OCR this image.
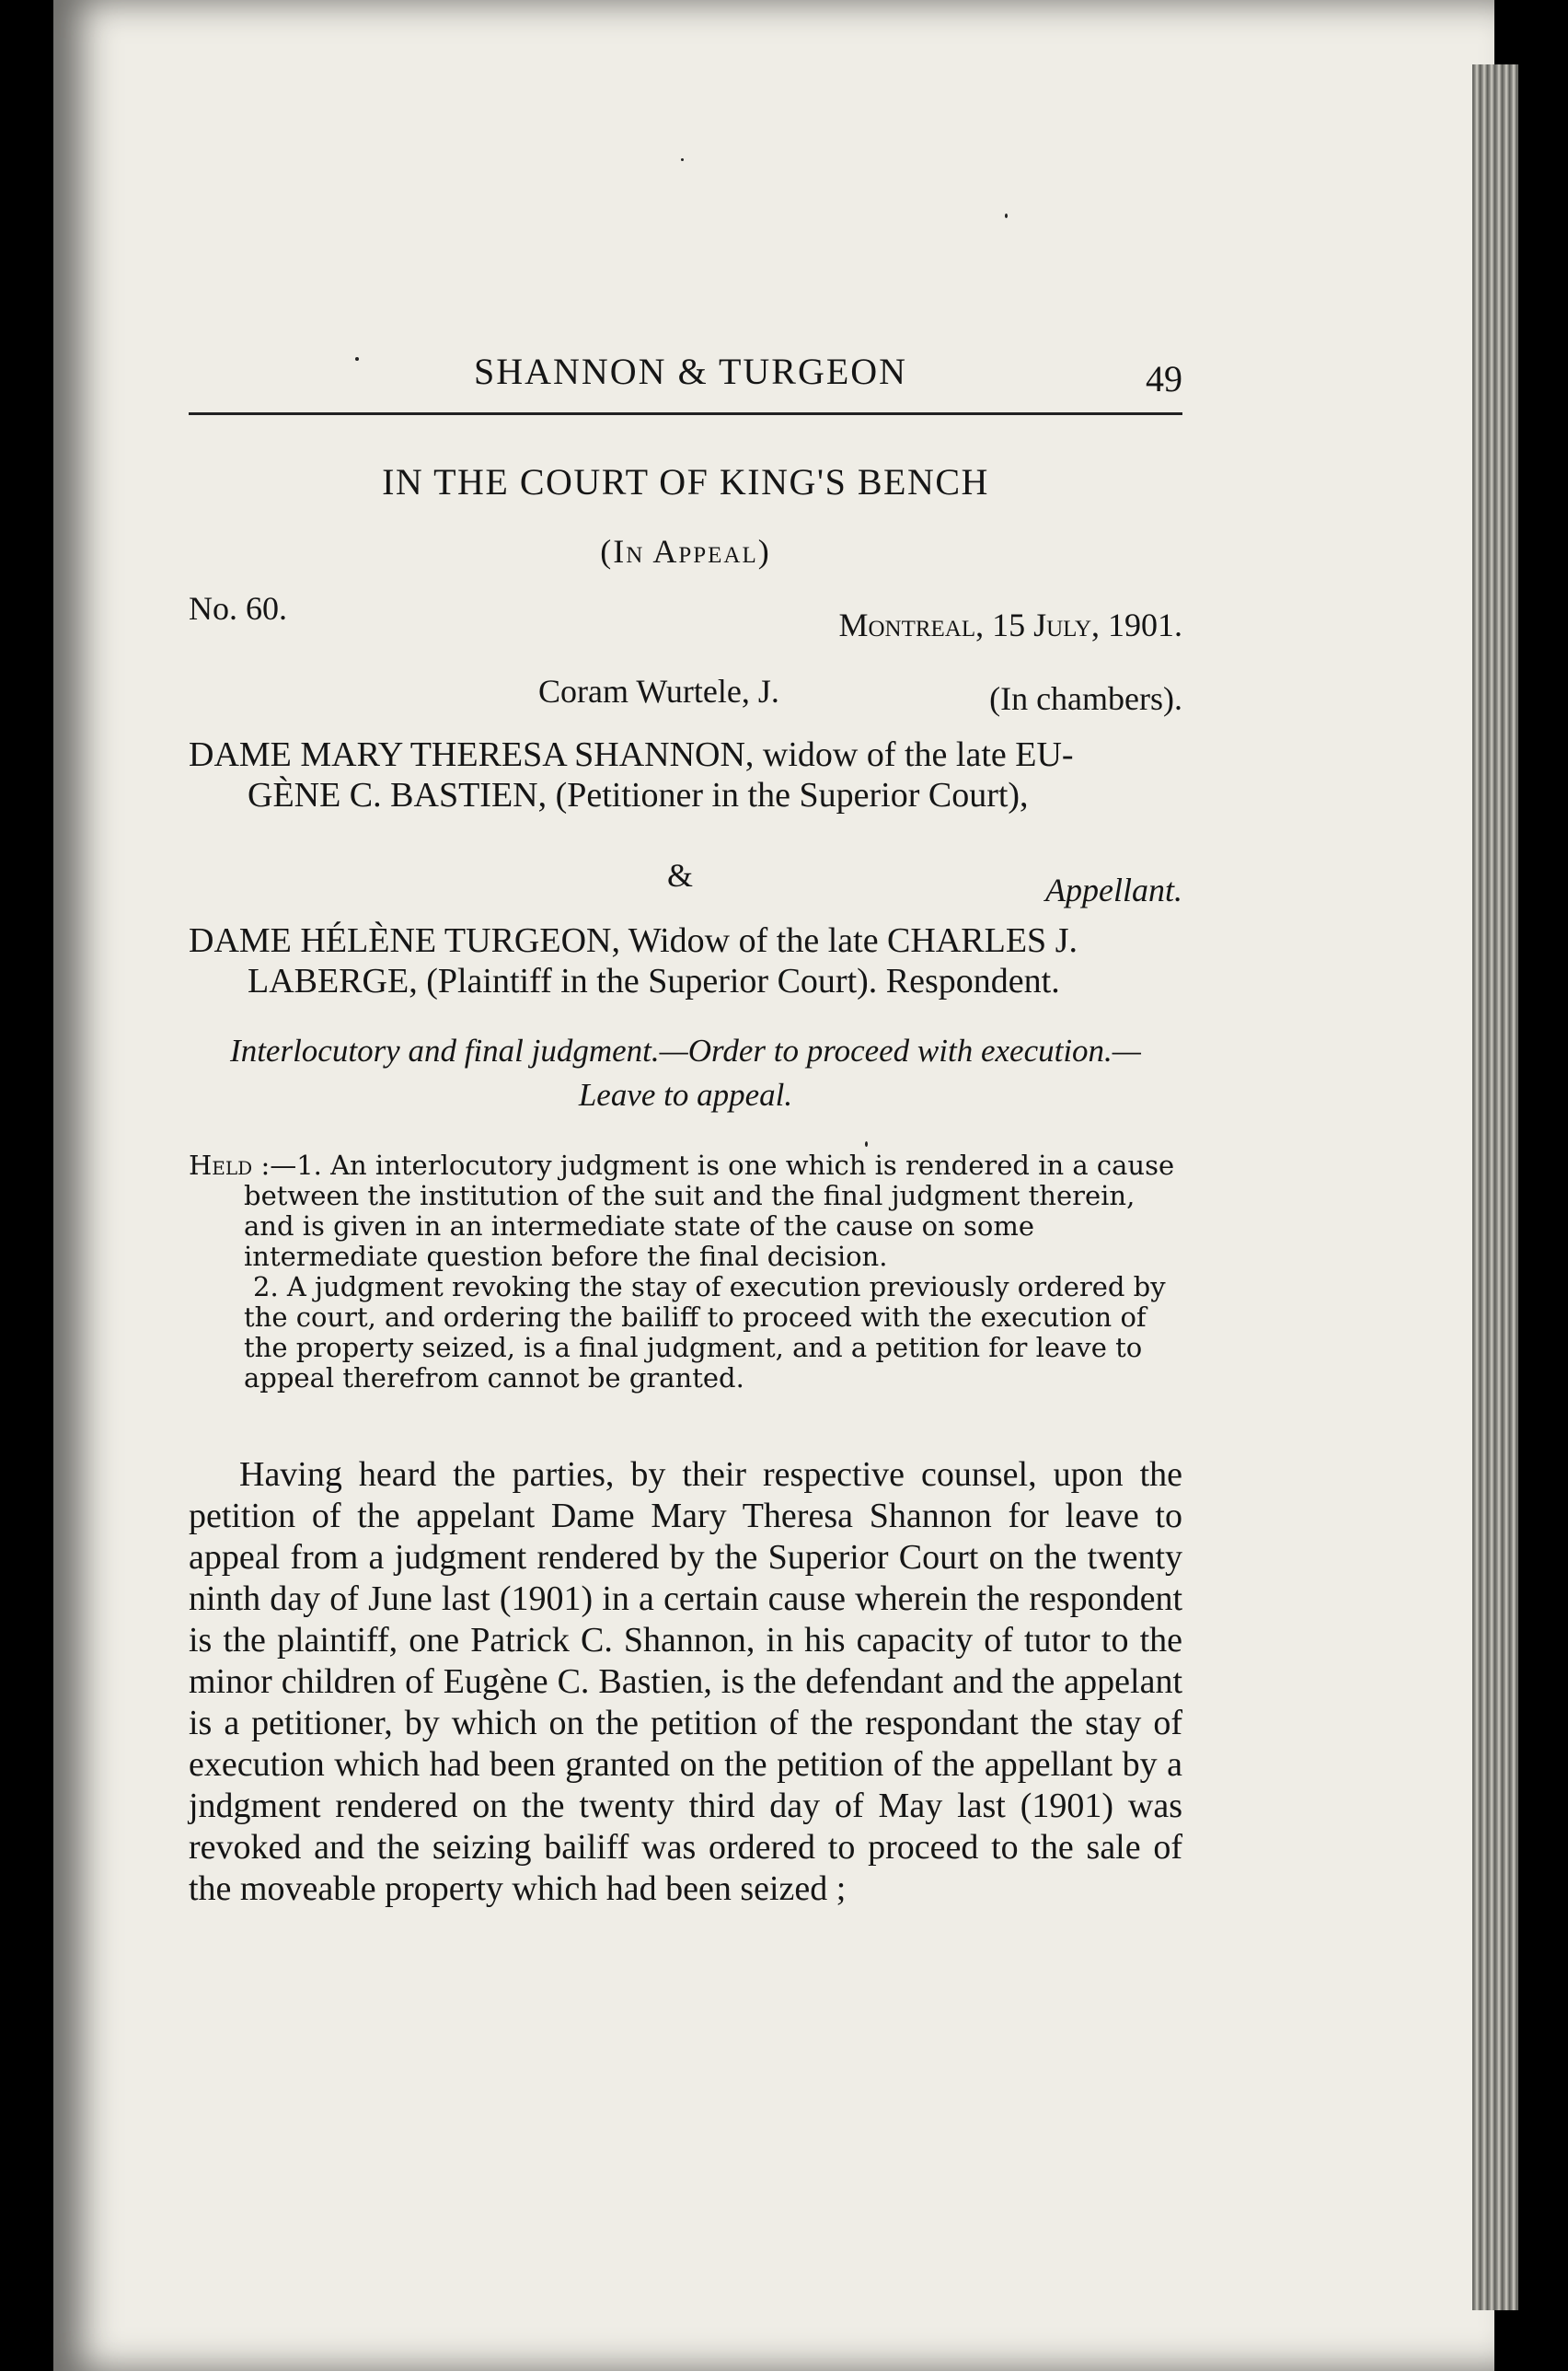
SHANNON & TURGEON	49
IN THE COURT OF KING'S BENCH
(In Appeal)
No. 60.	Montreal, 15 July, 1901.
Coram Wurtele, J.	(In chambers).
DAME MARY THERESA SHANNON, widow of the late EU-
GÈNE C. BASTIEN, (Petitioner in the Superior Court),
&	Appellant.
DAME HÉLÈNE TURGEON, Widow of the late CHARLES J.
LABERGE, (Plaintiff in the Superior Court). Respondent.
Interlocutory and final judgment.—Order to proceed with execution.—
Leave to appeal.

Held :—1. An interlocutory judgment is one which is rendered in a cause between the institution of the suit and the final judgment therein, and is given in an intermediate state of the cause on some intermediate question before the final decision.

2. A judgment revoking the stay of execution previously ordered by the court, and ordering the bailiff to proceed with the execution of the property seized, is a final judgment, and a petition for leave to appeal therefrom cannot be granted.

Having heard the parties, by their respective counsel, upon the petition of the appelant Dame Mary Theresa Shannon for leave to appeal from a judgment rendered by the Superior Court on the twenty ninth day of June last (1901) in a certain cause wherein the respondent is the plaintiff, one Patrick C. Shannon, in his capacity of tutor to the minor children of Eugène C. Bastien, is the defendant and the appelant is a petitioner, by which on the petition of the respondant the stay of execution which had been granted on the petition of the appellant by a jndgment rendered on the twenty third day of May last (1901) was revoked and the seizing bailiff was ordered to proceed to the sale of the moveable property which had been seized ;
